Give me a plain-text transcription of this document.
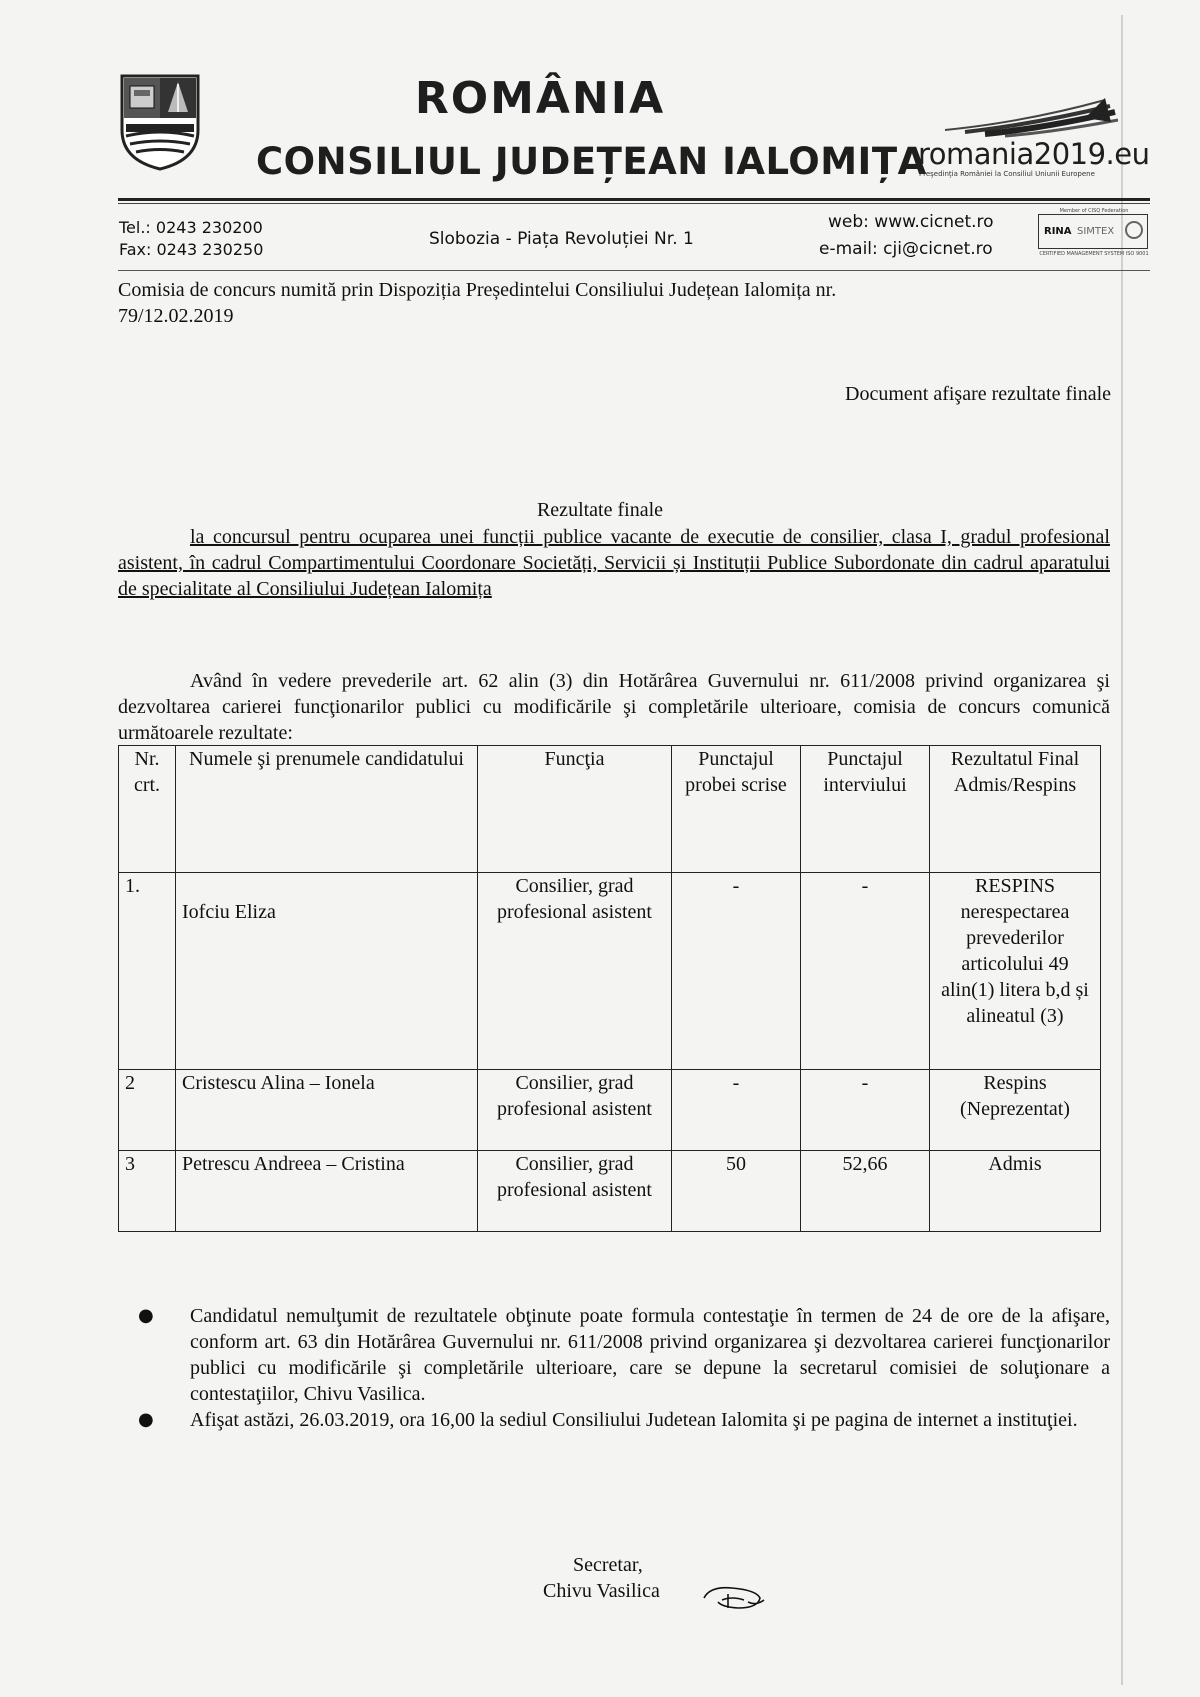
ROMÂNIA
CONSILIUL JUDEȚEAN IALOMIȚA
romania2019.eu
Preşedinţia României la Consiliul Uniunii Europene
Tel.: 0243 230200
Fax: 0243 230250
Slobozia - Piața Revoluției Nr. 1
web: www.cicnet.ro
e-mail: cji@cicnet.ro
Member of CISQ Federation
RINA SIMTEX
CERTIFIED MANAGEMENT SYSTEM ISO 9001
Comisia de concurs numită prin Dispoziția Președintelui Consiliului Județean Ialomița nr. 79/12.02.2019
Document afişare rezultate finale
Rezultate finale
la concursul pentru ocuparea unei funcții publice vacante de executie de consilier, clasa I, gradul profesional asistent, în cadrul Compartimentului Coordonare Societăți, Servicii și Instituții Publice Subordonate din cadrul aparatului de specialitate al Consiliului Județean Ialomița
Având în vedere prevederile art. 62 alin (3) din Hotărârea Guvernului nr. 611/2008 privind organizarea şi dezvoltarea carierei funcţionarilor publici cu modificările şi completările ulterioare, comisia de concurs comunică următoarele rezultate:
Nr. crt.	Numele şi prenumele candidatului	Funcţia	Punctajul probei scrise	Punctajul interviului	Rezultatul Final Admis/Respins
1.	Iofciu Eliza	Consilier, grad profesional asistent	-	-	RESPINS nerespectarea prevederilor articolului 49 alin(1) litera b,d și alineatul (3)
2	Cristescu Alina – Ionela	Consilier, grad profesional asistent	-	-	Respins (Neprezentat)
3	Petrescu Andreea – Cristina	Consilier, grad profesional asistent	50	52,66	Admis
● Candidatul nemulţumit de rezultatele obţinute poate formula contestaţie în termen de 24 de ore de la afişare, conform art. 63 din Hotărârea Guvernului nr. 611/2008 privind organizarea şi dezvoltarea carierei funcţionarilor publici cu modificările şi completările ulterioare, care se depune la secretarul comisiei de soluţionare a contestaţiilor, Chivu Vasilica.
● Afişat astăzi, 26.03.2019, ora 16,00 la sediul Consiliului Judetean Ialomita şi pe pagina de internet a instituţiei.
Secretar,
Chivu Vasilica
